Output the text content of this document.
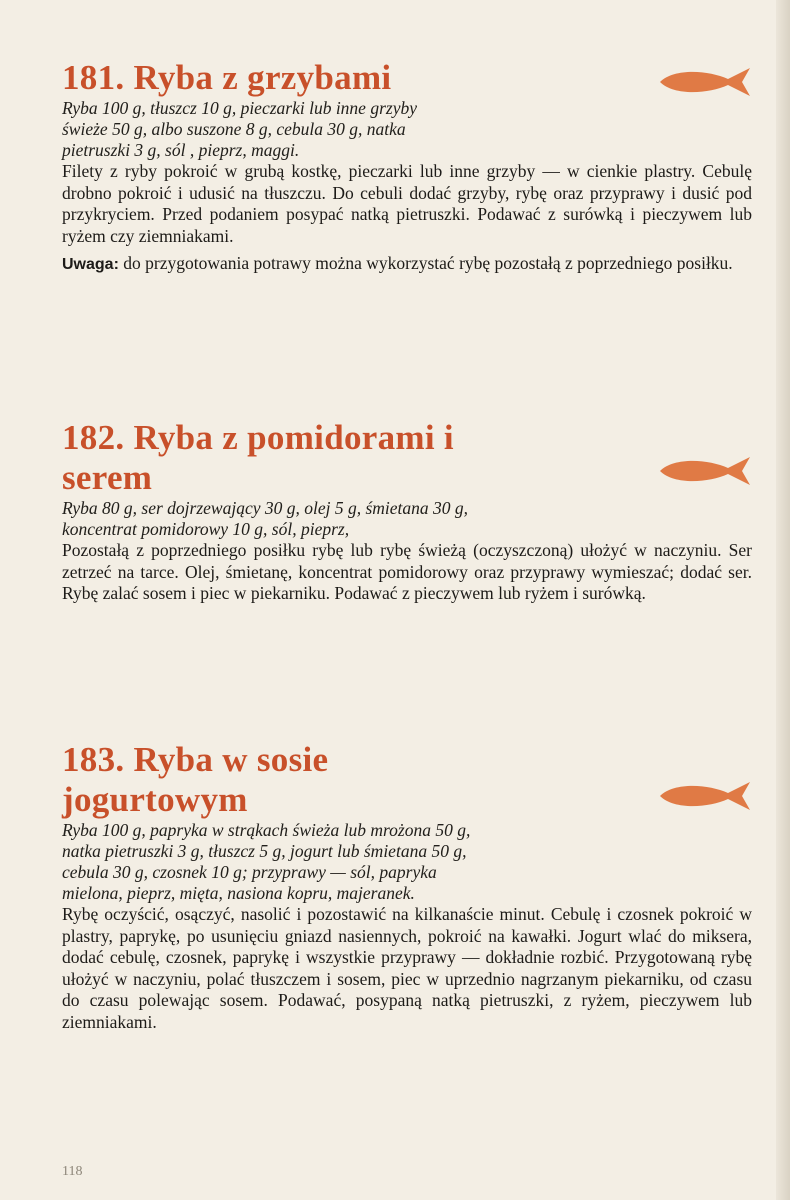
181. Ryba z grzybami

Ryba 100 g, tłuszcz 10 g, pieczarki lub inne grzyby świeże 50 g, albo suszone 8 g, cebula 30 g, natka pietruszki 3 g, sól , pieprz, maggi.

Filety z ryby pokroić w grubą kostkę, pieczarki lub inne grzyby — w cienkie plastry. Cebulę drobno pokroić i udusić na tłuszczu. Do cebuli dodać grzyby, rybę oraz przyprawy i dusić pod przykryciem. Przed podaniem posypać natką pietruszki. Podawać z surówką i pieczywem lub ryżem czy ziemniakami.

Uwaga: do przygotowania potrawy można wykorzystać rybę pozostałą z poprzedniego posiłku.

182. Ryba z pomidorami i serem

Ryba 80 g, ser dojrzewający 30 g, olej 5 g, śmietana 30 g, koncentrat pomidorowy 10 g, sól, pieprz,

Pozostałą z poprzedniego posiłku rybę lub rybę świeżą (oczyszczoną) ułożyć w naczyniu. Ser zetrzeć na tarce. Olej, śmietanę, koncentrat pomidorowy oraz przyprawy wymieszać; dodać ser. Rybę zalać sosem i piec w piekarniku. Podawać z pieczywem lub ryżem i surówką.

183. Ryba w sosie jogurtowym

Ryba 100 g, papryka w strąkach świeża lub mrożona 50 g, natka pietruszki 3 g, tłuszcz 5 g, jogurt lub śmietana 50 g, cebula 30 g, czosnek 10 g; przyprawy — sól, papryka mielona, pieprz, mięta, nasiona kopru, majeranek.

Rybę oczyścić, osączyć, nasolić i pozostawić na kilkanaście minut. Cebulę i czosnek pokroić w plastry, paprykę, po usunięciu gniazd nasiennych, pokroić na kawałki. Jogurt wlać do miksera, dodać cebulę, czosnek, paprykę i wszystkie przyprawy — dokładnie rozbić. Przygotowaną rybę ułożyć w naczyniu, polać tłuszczem i sosem, piec w uprzednio nagrzanym piekarniku, od czasu do czasu polewając sosem. Podawać, posypaną natką pietruszki, z ryżem, pieczywem lub ziemniakami.

118
